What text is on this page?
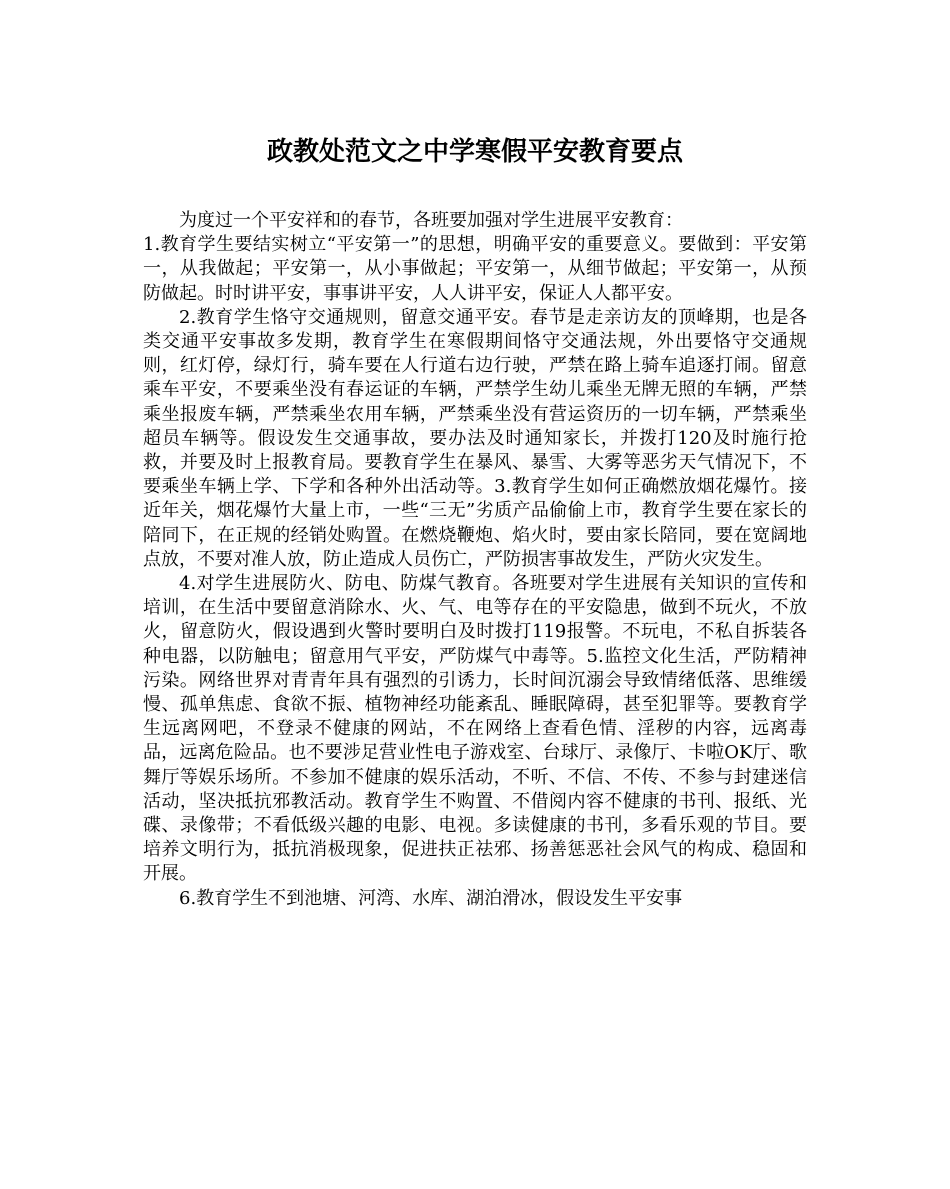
政教处范文之中学寒假平安教育要点

为度过一个平安祥和的春节，各班要加强对学生进展平安教育：

1.教育学生要结实树立“平安第一”的思想，明确平安的重要意义。要做到：平安第一，从我做起；平安第一，从小事做起；平安第一，从细节做起；平安第一，从预防做起。时时讲平安，事事讲平安，人人讲平安，保证人人都平安。

2.教育学生恪守交通规则，留意交通平安。春节是走亲访友的顶峰期，也是各类交通平安事故多发期，教育学生在寒假期间恪守交通法规，外出要恪守交通规则，红灯停，绿灯行，骑车要在人行道右边行驶，严禁在路上骑车追逐打闹。留意乘车平安，不要乘坐没有春运证的车辆，严禁学生幼儿乘坐无牌无照的车辆，严禁乘坐报废车辆，严禁乘坐农用车辆，严禁乘坐没有营运资历的一切车辆，严禁乘坐超员车辆等。假设发生交通事故，要办法及时通知家长，并拨打120及时施行抢救，并要及时上报教育局。要教育学生在暴风、暴雪、大雾等恶劣天气情况下，不要乘坐车辆上学、下学和各种外出活动等。3.教育学生如何正确燃放烟花爆竹。接近年关，烟花爆竹大量上市，一些“三无”劣质产品偷偷上市，教育学生要在家长的陪同下，在正规的经销处购置。在燃烧鞭炮、焰火时，要由家长陪同，要在宽阔地点放，不要对准人放，防止造成人员伤亡，严防损害事故发生，严防火灾发生。

4.对学生进展防火、防电、防煤气教育。各班要对学生进展有关知识的宣传和培训，在生活中要留意消除水、火、气、电等存在的平安隐患，做到不玩火，不放火，留意防火，假设遇到火警时要明白及时拨打119报警。不玩电，不私自拆装各种电器，以防触电；留意用气平安，严防煤气中毒等。5.监控文化生活，严防精神污染。网络世界对青青年具有强烈的引诱力，长时间沉溺会导致情绪低落、思维缓慢、孤单焦虑、食欲不振、植物神经功能紊乱、睡眠障碍，甚至犯罪等。要教育学生远离网吧，不登录不健康的网站，不在网络上查看色情、淫秽的内容，远离毒品，远离危险品。也不要涉足营业性电子游戏室、台球厅、录像厅、卡啦OK厅、歌舞厅等娱乐场所。不参加不健康的娱乐活动，不听、不信、不传、不参与封建迷信活动，坚决抵抗邪教活动。教育学生不购置、不借阅内容不健康的书刊、报纸、光碟、录像带；不看低级兴趣的电影、电视。多读健康的书刊，多看乐观的节目。要培养文明行为，抵抗消极现象，促进扶正祛邪、扬善惩恶社会风气的构成、稳固和开展。

6.教育学生不到池塘、河湾、水库、湖泊滑冰，假设发生平安事
